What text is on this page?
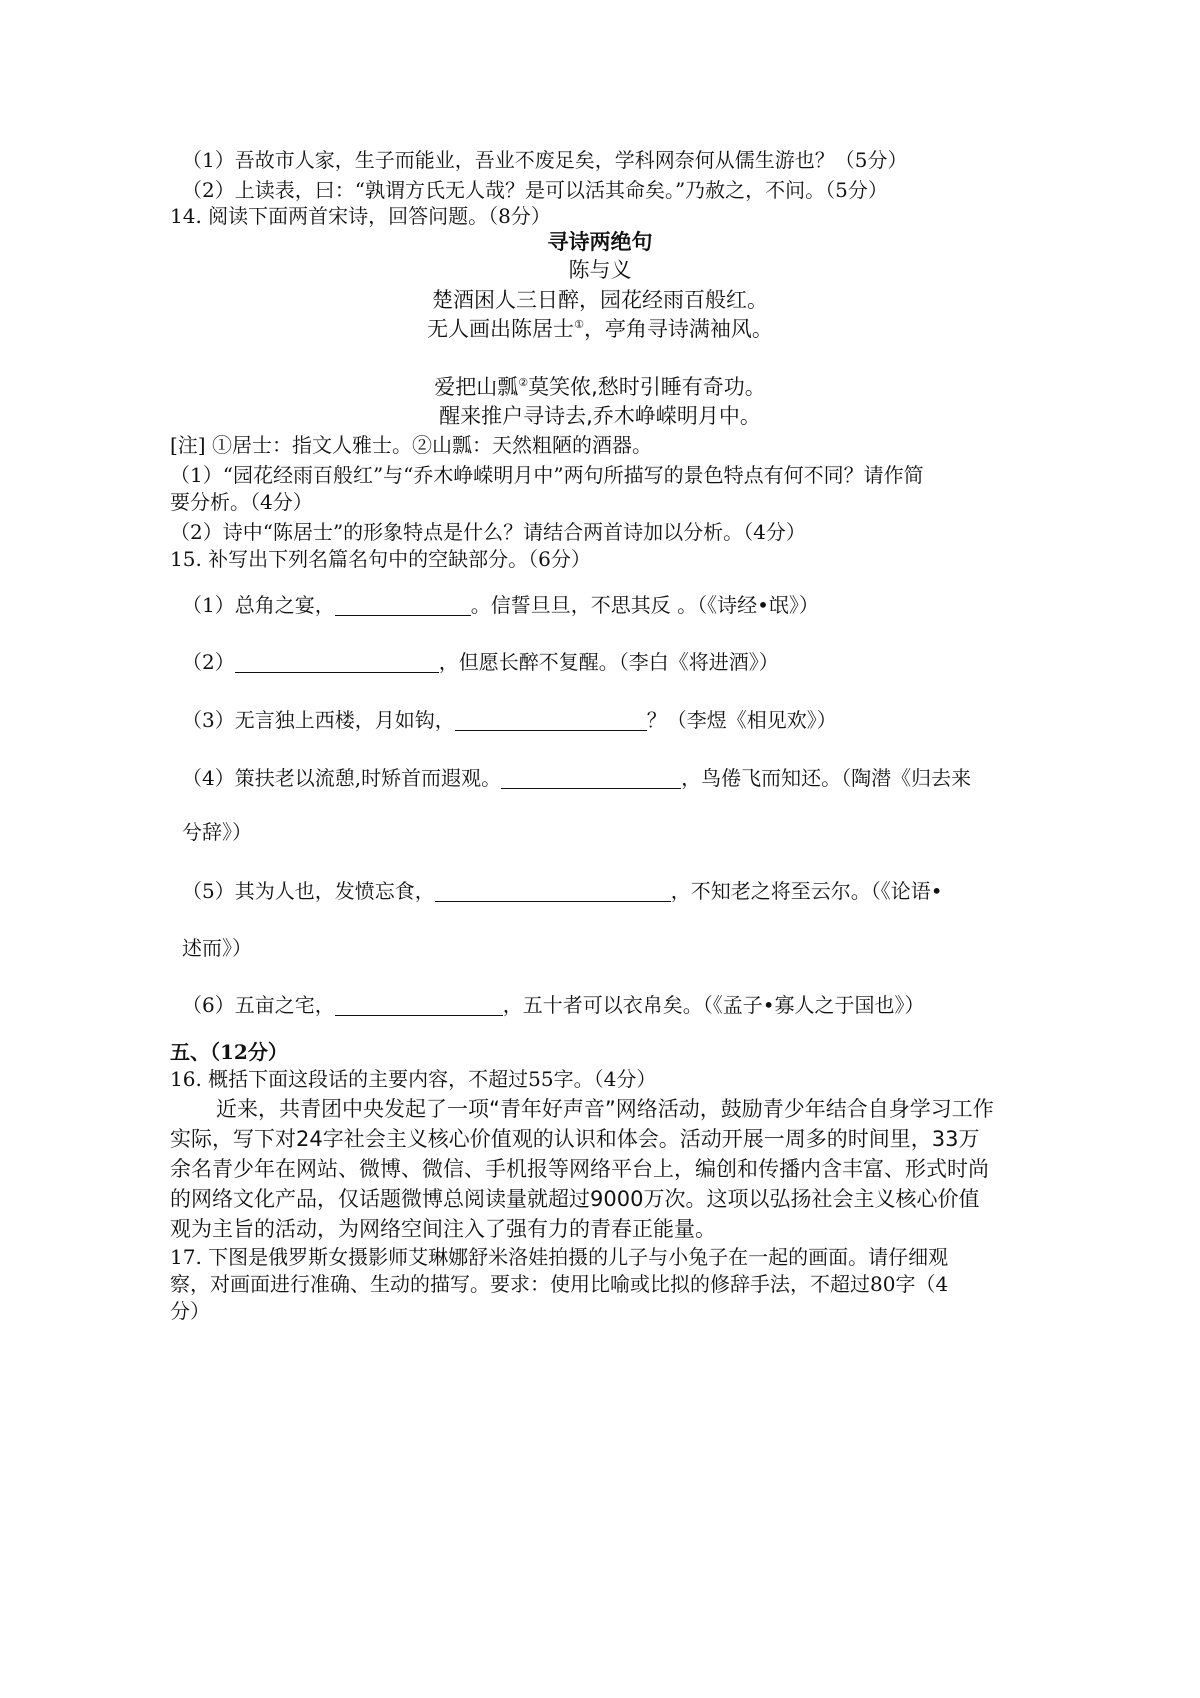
（1）吾故市人家，生子而能业，吾业不废足矣，学科网奈何从儒生游也？（5分）
（2）上读表，曰：“孰谓方氏无人哉？是可以活其命矣。”乃赦之，不问。（5分）
14. 阅读下面两首宋诗，回答问题。（8分）
寻诗两绝句
陈与义
楚酒困人三日醉，园花经雨百般红。
无人画出陈居士①，亭角寻诗满袖风。
爱把山瓢②莫笑侬,愁时引睡有奇功。
醒来推户寻诗去,乔木峥嵘明月中。
[注] ①居士：指文人雅士。②山瓢：天然粗陋的酒器。
（1）“园花经雨百般红”与“乔木峥嵘明月中”两句所描写的景色特点有何不同？请作简
要分析。（4分）
（2）诗中“陈居士”的形象特点是什么？请结合两首诗加以分析。（4分）
15. 补写出下列名篇名句中的空缺部分。（6分）
（1）总角之宴，	。信誓旦旦，不思其反 。（《诗经•氓》）
（2）	，但愿长醉不复醒。（李白《将进酒》）
（3）无言独上西楼，月如钩，	？（李煜《相见欢》）
（4）策扶老以流憩,时矫首而遐观。	，鸟倦飞而知还。（陶潜《归去来
兮辞》）
（5）其为人也，发愤忘食，	，不知老之将至云尔。（《论语•
述而》）
（6）五亩之宅，	，五十者可以衣帛矣。（《孟子•寡人之于国也》）
五、（12分）
16. 概括下面这段话的主要内容，不超过55字。（4分）
近来，共青团中央发起了一项“青年好声音”网络活动，鼓励青少年结合自身学习工作
实际，写下对24字社会主义核心价值观的认识和体会。活动开展一周多的时间里，33万
余名青少年在网站、微博、微信、手机报等网络平台上，编创和传播内含丰富、形式时尚
的网络文化产品，仅话题微博总阅读量就超过9000万次。这项以弘扬社会主义核心价值
观为主旨的活动，为网络空间注入了强有力的青春正能量。
17. 下图是俄罗斯女摄影师艾琳娜舒米洛娃拍摄的儿子与小兔子在一起的画面。请仔细观
察，对画面进行准确、生动的描写。要求：使用比喻或比拟的修辞手法，不超过80字（4
分）
